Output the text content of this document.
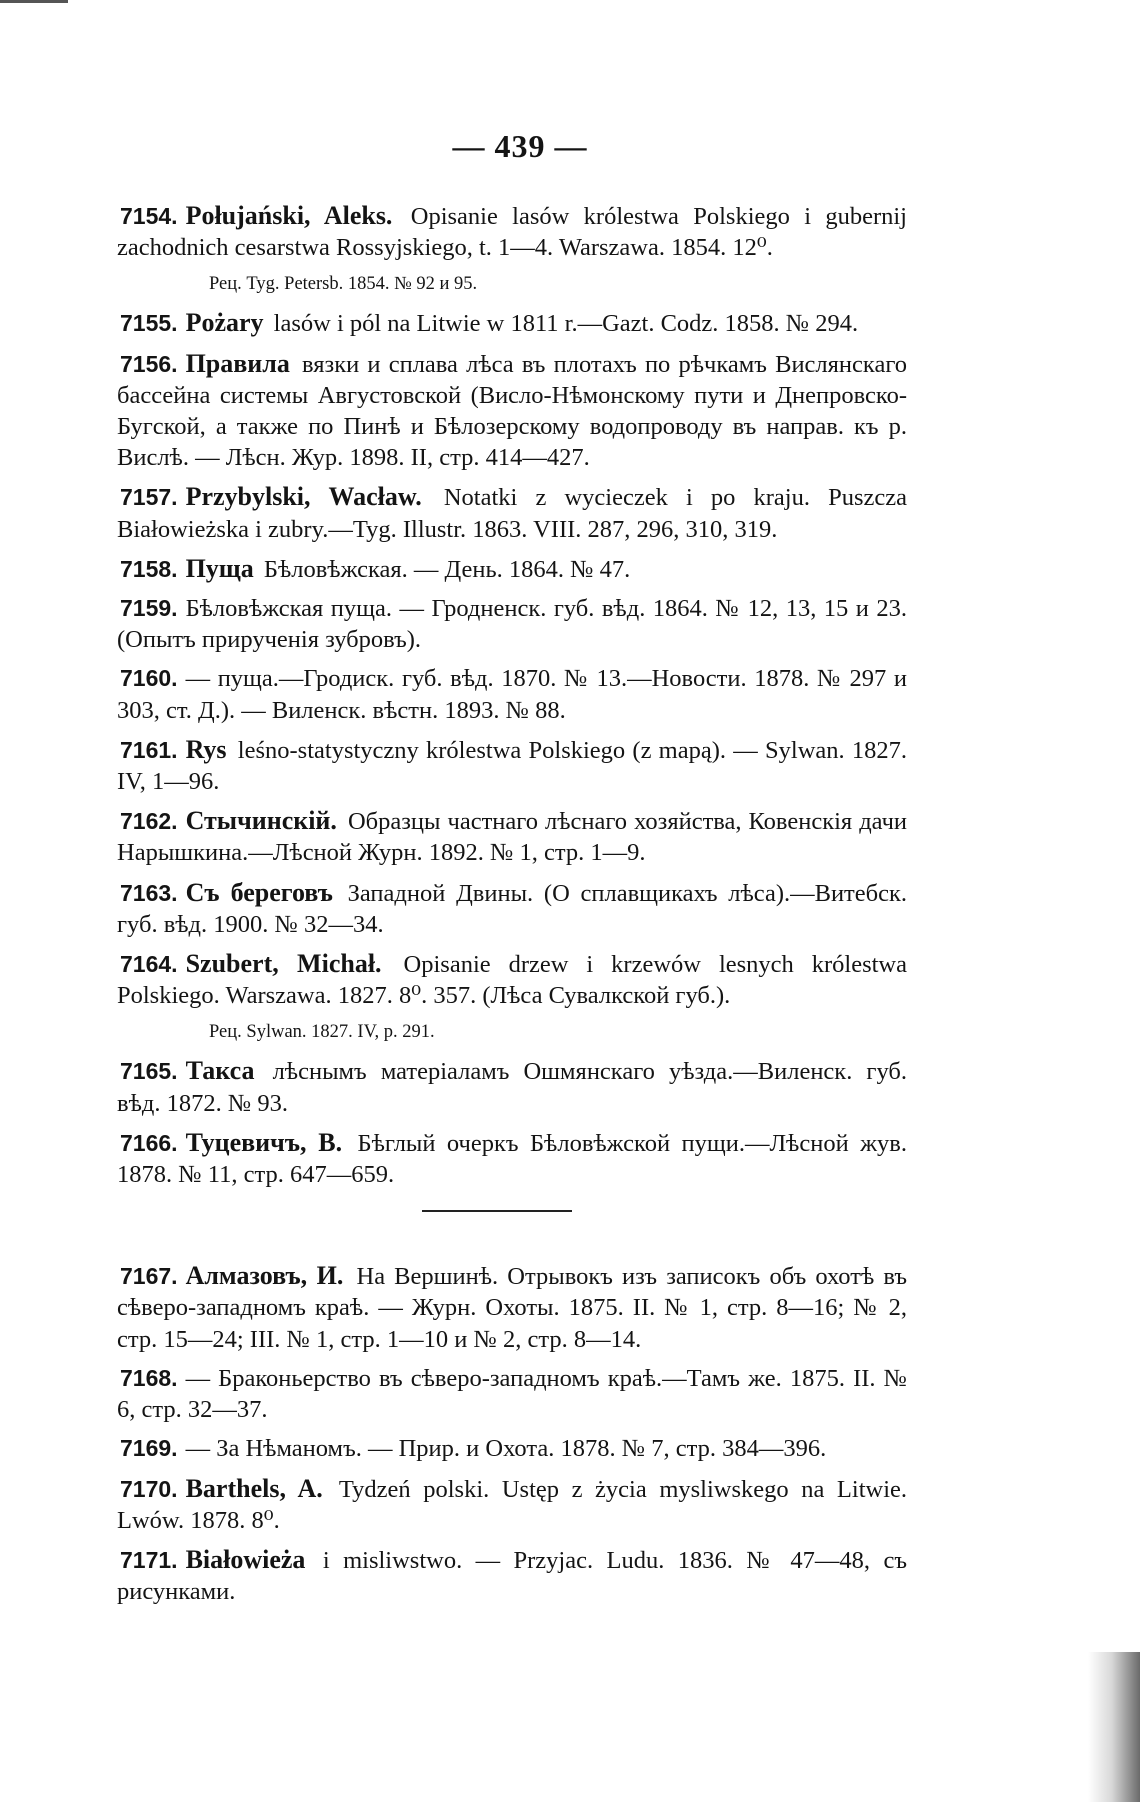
— 439 —

7154. Połujański, Aleks. Opisanie lasów królestwa Polskiego i gubernij zachodnich cesarstwa Rossyjskiego, t. 1—4. Warszawa. 1854. 12⁰.

Рец. Tyg. Petersb. 1854. № 92 и 95.

7155. Pożary lasów i pól na Litwie w 1811 r.—Gazt. Codz. 1858. № 294.

7156. Правила вязки и сплава лѣса въ плотахъ по рѣчкамъ Вислянскаго бассейна системы Августовской (Висло-Нѣмонскому пути и Днепровско-Бугской, а также по Пинѣ и Бѣлозерскому водопроводу въ направ. къ р. Вислѣ. — Лѣсн. Жур. 1898. II, стр. 414—427.

7157. Przybylski, Wacław. Notatki z wycieczek i po kraju. Puszcza Białowieżska i zubry.—Tyg. Illustr. 1863. VIII. 287, 296, 310, 319.

7158. Пуща Бѣловѣжская. — День. 1864. № 47.

7159. Бѣловѣжская пуща. — Гродненск. губ. вѣд. 1864. № 12, 13, 15 и 23. (Опытъ прирученія зубровъ).

7160. — пуща.—Гродиск. губ. вѣд. 1870. № 13.—Новости. 1878. № 297 и 303, ст. Д.). — Виленск. вѣстн. 1893. № 88.

7161. Rys leśno-statystyczny królestwa Polskiego (z mapą). — Sylwan. 1827. IV, 1—96.

7162. Стычинскій. Образцы частнаго лѣснаго хозяйства, Ковенскія дачи Нарышкина.—Лѣсной Журн. 1892. № 1, стр. 1—9.

7163. Съ береговъ Западной Двины. (О сплавщикахъ лѣса).—Витебск. губ. вѣд. 1900. № 32—34.

7164. Szubert, Michał. Opisanie drzew i krzewów lesnych królestwa Polskiego. Warszawa. 1827. 8⁰. 357. (Лѣса Сувалкской губ.).

Рец. Sylwan. 1827. IV, p. 291.

7165. Такса лѣснымъ матеріаламъ Ошмянскаго уѣзда.—Виленск. губ. вѣд. 1872. № 93.

7166. Туцевичъ, В. Бѣглый очеркъ Бѣловѣжской пущи.—Лѣсной жув. 1878. № 11, стр. 647—659.

7167. Алмазовъ, И. На Вершинѣ. Отрывокъ изъ записокъ объ охотѣ въ сѣверо-западномъ краѣ. — Журн. Охоты. 1875. II. № 1, стр. 8—16; № 2, стр. 15—24; III. № 1, стр. 1—10 и № 2, стр. 8—14.

7168. — Браконьерство въ сѣверо-западномъ краѣ.—Тамъ же. 1875. II. № 6, стр. 32—37.

7169. — За Нѣманомъ. — Прир. и Охота. 1878. № 7, стр. 384—396.

7170. Barthels, A. Tydzeń polski. Ustęp z życia mysliwskego na Litwie. Lwów. 1878. 8⁰.

7171. Białowieża i misliwstwo. — Przyjac. Ludu. 1836. № 47—48, съ рисунками.
